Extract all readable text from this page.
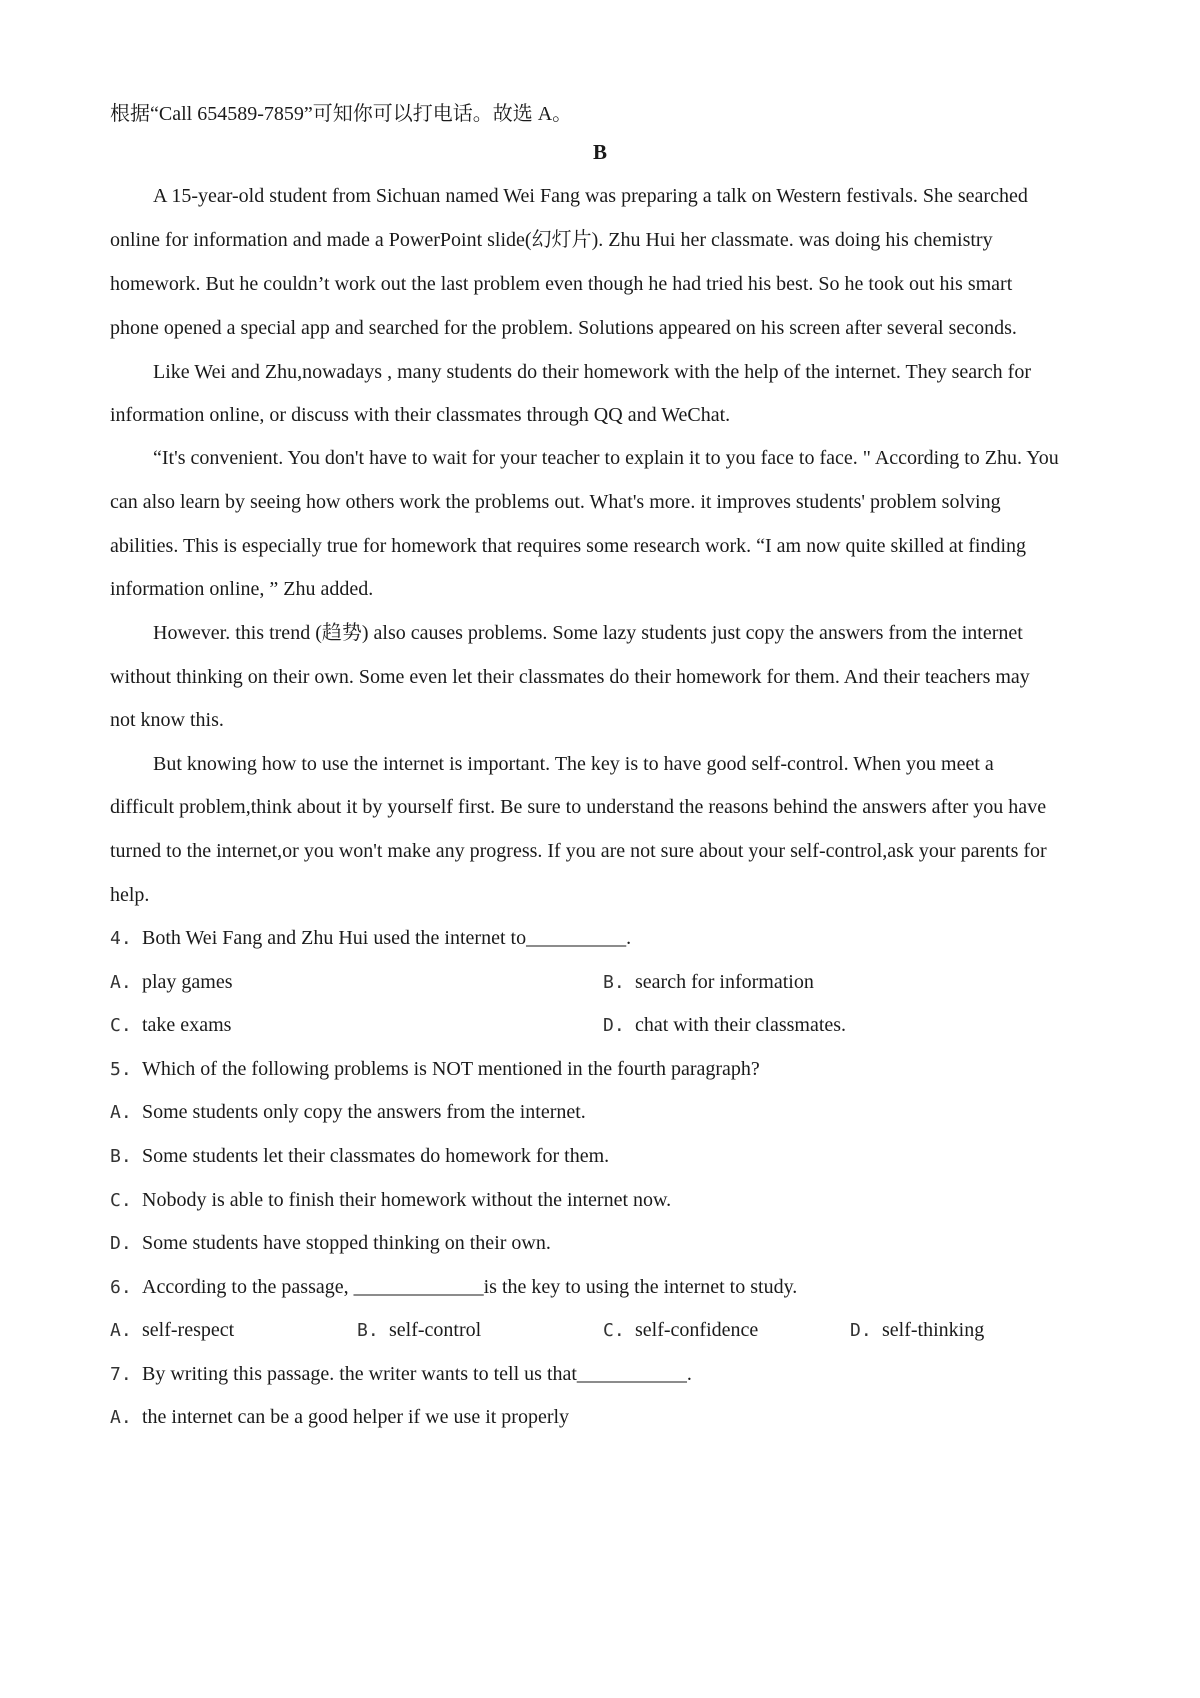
根据“Call 654589-7859”可知你可以打电话。故选 A。
B
A 15-year-old student from Sichuan named Wei Fang was preparing a talk on Western festivals. She searched
online for information and made a PowerPoint slide(幻灯片). Zhu Hui her classmate. was doing his chemistry
homework. But he couldn’t work out the last problem even though he had tried his best. So he took out his smart
phone opened a special app and searched for the problem. Solutions appeared on his screen after several seconds.
Like Wei and Zhu,nowadays , many students do their homework with the help of the internet. They search for
information online, or discuss with their classmates through QQ and WeChat.
“It's convenient. You don't have to wait for your teacher to explain it to you face to face. " According to Zhu. You
can also learn by seeing how others work the problems out. What's more. it improves students' problem solving
abilities. This is especially true for homework that requires some research work. “I am now quite skilled at finding
information online, ” Zhu added.
However. this trend (趋势) also causes problems. Some lazy students just copy the answers from the internet
without thinking on their own. Some even let their classmates do their homework for them. And their teachers may
not know this.
But knowing how to use the internet is important. The key is to have good self-control. When you meet a
difficult problem,think about it by yourself first. Be sure to understand the reasons behind the answers after you have
turned to the internet,or you won't make any progress. If you are not sure about your self-control,ask your parents for
help.
4. Both Wei Fang and Zhu Hui used the internet to__________.
A. play games	B. search for information
C. take exams	D. chat with their classmates.
5. Which of the following problems is NOT mentioned in the fourth paragraph?
A. Some students only copy the answers from the internet.
B. Some students let their classmates do homework for them.
C. Nobody is able to finish their homework without the internet now.
D. Some students have stopped thinking on their own.
6. According to the passage, _____________is the key to using the internet to study.
A. self-respect	B. self-control	C. self-confidence	D. self-thinking
7. By writing this passage. the writer wants to tell us that___________.
A. the internet can be a good helper if we use it properly
